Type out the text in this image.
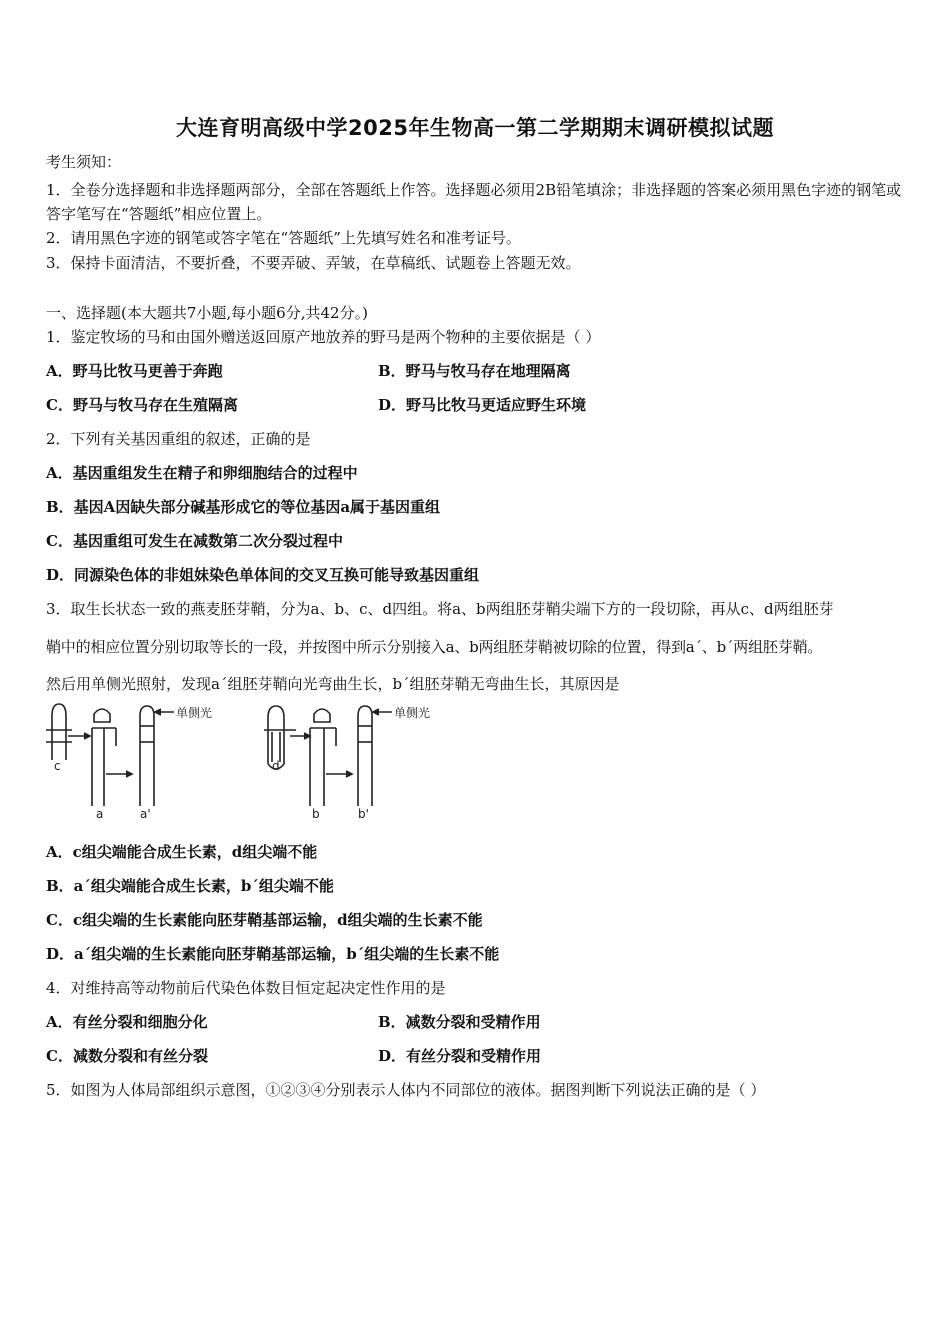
大连育明高级中学2025年生物高一第二学期期末调研模拟试题
考生须知：
1．全卷分选择题和非选择题两部分，全部在答题纸上作答。选择题必须用2B铅笔填涂；非选择题的答案必须用黑色字迹的钢笔或答字笔写在“答题纸”相应位置上。
2．请用黑色字迹的钢笔或答字笔在“答题纸”上先填写姓名和准考证号。
3．保持卡面清洁，不要折叠，不要弄破、弄皱，在草稿纸、试题卷上答题无效。
一、选择题(本大题共7小题,每小题6分,共42分。)
1．鉴定牧场的马和由国外赠送返回原产地放养的野马是两个物种的主要依据是（ ）
A．野马比牧马更善于奔跑	B．野马与牧马存在地理隔离
C．野马与牧马存在生殖隔离	D．野马比牧马更适应野生环境
2．下列有关基因重组的叙述，正确的是
A．基因重组发生在精子和卵细胞结合的过程中
B．基因A因缺失部分碱基形成它的等位基因a属于基因重组
C．基因重组可发生在减数第二次分裂过程中
D．同源染色体的非姐妹染色单体间的交叉互换可能导致基因重组
3．取生长状态一致的燕麦胚芽鞘，分为a、b、c、d四组。将a、b两组胚芽鞘尖端下方的一段切除，再从c、d两组胚芽
鞘中的相应位置分别切取等长的一段，并按图中所示分别接入a、b两组胚芽鞘被切除的位置，得到a´、b´两组胚芽鞘。
然后用单侧光照射，发现a´组胚芽鞘向光弯曲生长，b´组胚芽鞘无弯曲生长，其原因是
单侧光	单侧光
c
a	a'
d
b	b'
A．c组尖端能合成生长素，d组尖端不能
B．a´组尖端能合成生长素，b´组尖端不能
C．c组尖端的生长素能向胚芽鞘基部运输，d组尖端的生长素不能
D．a´组尖端的生长素能向胚芽鞘基部运输，b´组尖端的生长素不能
4．对维持高等动物前后代染色体数目恒定起决定性作用的是
A．有丝分裂和细胞分化	B．减数分裂和受精作用
C．减数分裂和有丝分裂	D．有丝分裂和受精作用
5．如图为人体局部组织示意图，①②③④分别表示人体内不同部位的液体。据图判断下列说法正确的是（ ）
